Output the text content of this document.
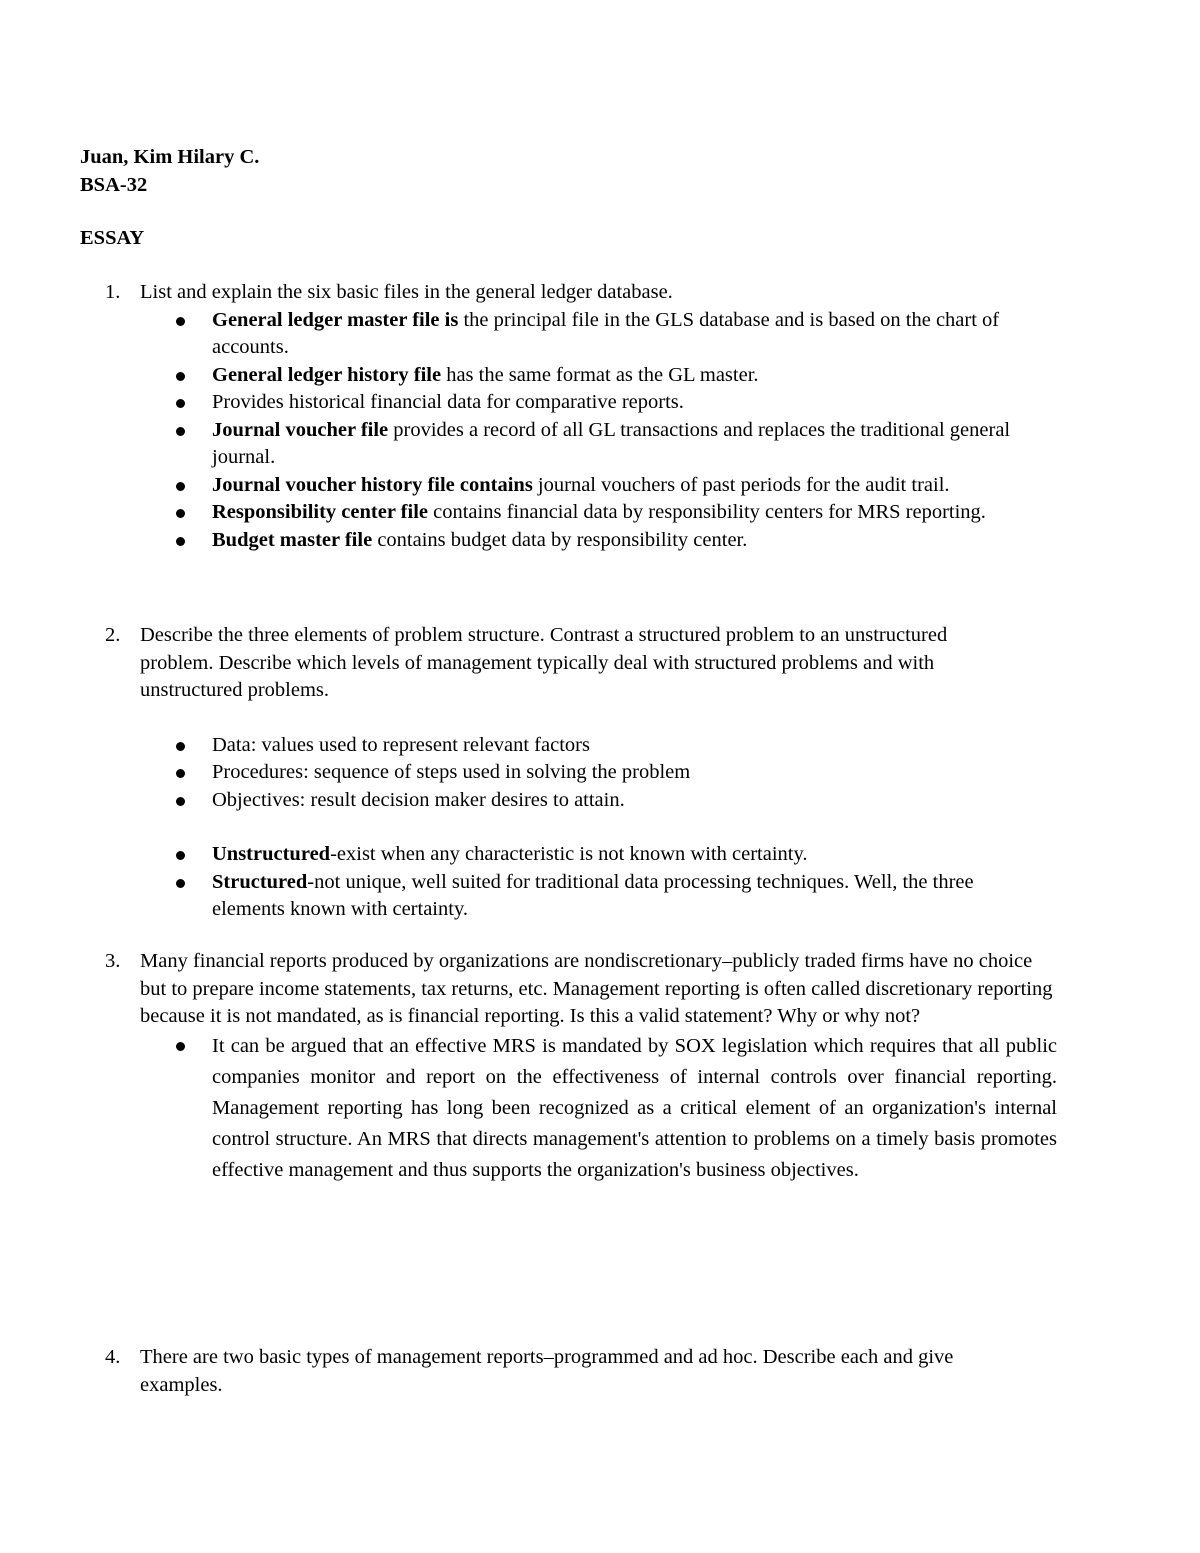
Juan, Kim Hilary C.
BSA-32
ESSAY
1. List and explain the six basic files in the general ledger database.
General ledger master file is the principal file in the GLS database and is based on the chart of accounts.
General ledger history file has the same format as the GL master.
Provides historical financial data for comparative reports.
Journal voucher file provides a record of all GL transactions and replaces the traditional general journal.
Journal voucher history file contains journal vouchers of past periods for the audit trail.
Responsibility center file contains financial data by responsibility centers for MRS reporting.
Budget master file contains budget data by responsibility center.
2. Describe the three elements of problem structure. Contrast a structured problem to an unstructured problem. Describe which levels of management typically deal with structured problems and with unstructured problems.
Data: values used to represent relevant factors
Procedures: sequence of steps used in solving the problem
Objectives: result decision maker desires to attain.
Unstructured-exist when any characteristic is not known with certainty.
Structured-not unique, well suited for traditional data processing techniques. Well, the three elements known with certainty.
3. Many financial reports produced by organizations are nondiscretionary–publicly traded firms have no choice but to prepare income statements, tax returns, etc. Management reporting is often called discretionary reporting because it is not mandated, as is financial reporting. Is this a valid statement? Why or why not?
It can be argued that an effective MRS is mandated by SOX legislation which requires that all public companies monitor and report on the effectiveness of internal controls over financial reporting. Management reporting has long been recognized as a critical element of an organization's internal control structure. An MRS that directs management's attention to problems on a timely basis promotes effective management and thus supports the organization's business objectives.
4. There are two basic types of management reports–programmed and ad hoc. Describe each and give examples.
